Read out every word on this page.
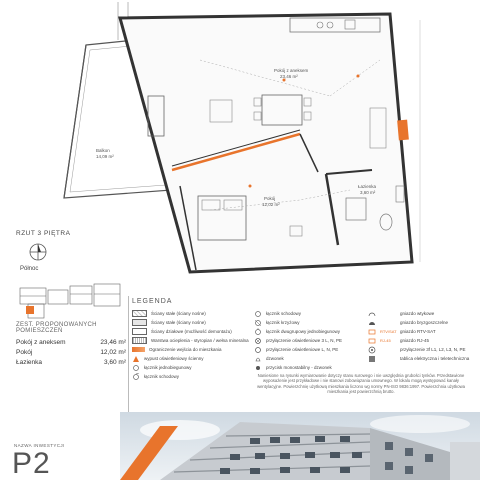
Balkon
14,09 m²
Pokój z aneksem
23,46 m²
Pokój
12,02 m²
Łazienka
3,60 m²
RZUT 3 PIĘTRA
Północ
ZEST. PROPONOWANYCH
POMIESZCZEŃ
Pokój z aneksem	23,46 m²
Pokój	12,02 m²
Łazienka	3,60 m²
LEGENDA
Ściany stałe (ściany nośne)
Ściany stałe (ściany nośne)
Ściany działowe (możliwość demontażu)
Warstwa ocieplenia - styropian / wełna mineralna
Ograniczenie wejścia do mieszkania
wypust oświetleniowy ścienny
łącznik jednobiegunowy
łącznik schodowy
łącznik schodowy
łącznik krzyżowy
łącznik dwugrupowy jednobiegunowy
przyłączenie oświetleniowe 3 L, N, PE
przyłączenie oświetleniowe L, N, PE
dzwonek
przycisk monostabilny - dzwonek
gniazdo wtykowe
gniazdo bryzgoszczelne
RTV/SAT gniazdo RTV-SAT
RJ-45	gniazdo RJ-45
przyłączenie 3f L1, L2, L3, N, PE
tablica elektryczna i teletechniczna
Naniesione na rysunki wymiarowanie dotyczy stanu surowego i nie uwzględnia grubości tynków. Przedstawione wyposażenie jest przykładowe i nie stanowi zobowiązania umownego. W lokalu mogą występować kanały wentylacyjne. Powierzchnię użytkową mieszkania liczono wg normy PN-ISO 9836:1997. Powierzchnia użytkowa mieszkania jest powierzchnią brutto.
NAZWA INWESTYCJI
P2
